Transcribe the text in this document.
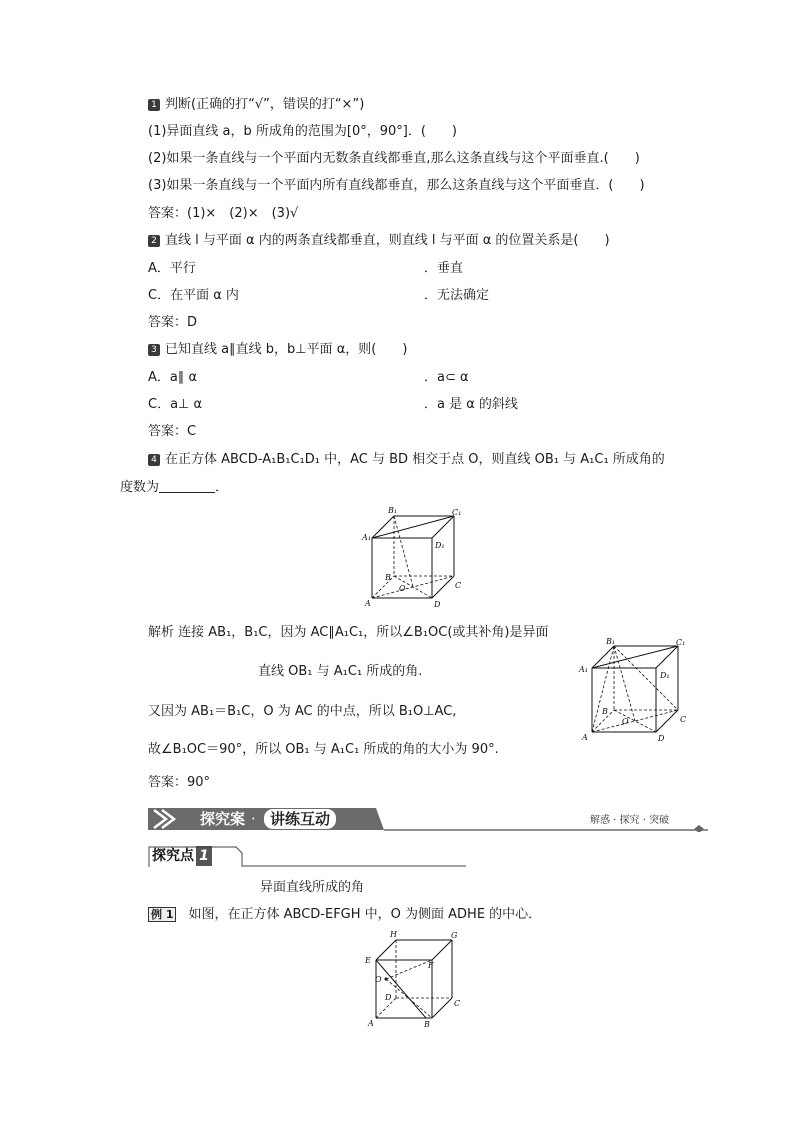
1 判断(正确的打“√”，错误的打“×”)
(1)异面直线 a，b 所成角的范围为[0°，90°]．(　　)
(2)如果一条直线与一个平面内无数条直线都垂直,那么这条直线与这个平面垂直.(　　)
(3)如果一条直线与一个平面内所有直线都垂直，那么这条直线与这个平面垂直．(　　)
答案：(1)×　(2)×　(3)√
2 直线 l 与平面 α 内的两条直线都垂直，则直线 l 与平面 α 的位置关系是(　　)
A．平行	．垂直
C．在平面 α 内	．无法确定
答案：D
3 已知直线 a∥直线 b，b⊥平面 α，则(　　)
A．a∥ α	．a⊂ α
C．a⊥ α	．a 是 α 的斜线
答案：C
4 在正方体 ABCD-A₁B₁C₁D₁ 中，AC 与 BD 相交于点 O，则直线 OB₁ 与 A₁C₁ 所成角的
度数为	．
B₁	C₁
A₁
D₁
B
C
O
A	D
解析 连接 AB₁，B₁C，因为 AC∥A₁C₁，所以∠B₁OC(或其补角)是异面
直线 OB₁ 与 A₁C₁ 所成的角.
又因为 AB₁＝B₁C，O 为 AC 的中点，所以 B₁O⊥AC,
故∠B₁OC＝90°，所以 OB₁ 与 A₁C₁ 所成的角的大小为 90°.
答案：90°
B₁	C₁
A₁
D₁
B
C
O
A	D
探究案 · 讲练互动	解惑 · 探究 · 突破
探究点 1
异面直线所成的角
例 1 如图，在正方体 ABCD-EFGH 中，O 为侧面 ADHE 的中心．
H	G
E
F
O
D
C
A	B
